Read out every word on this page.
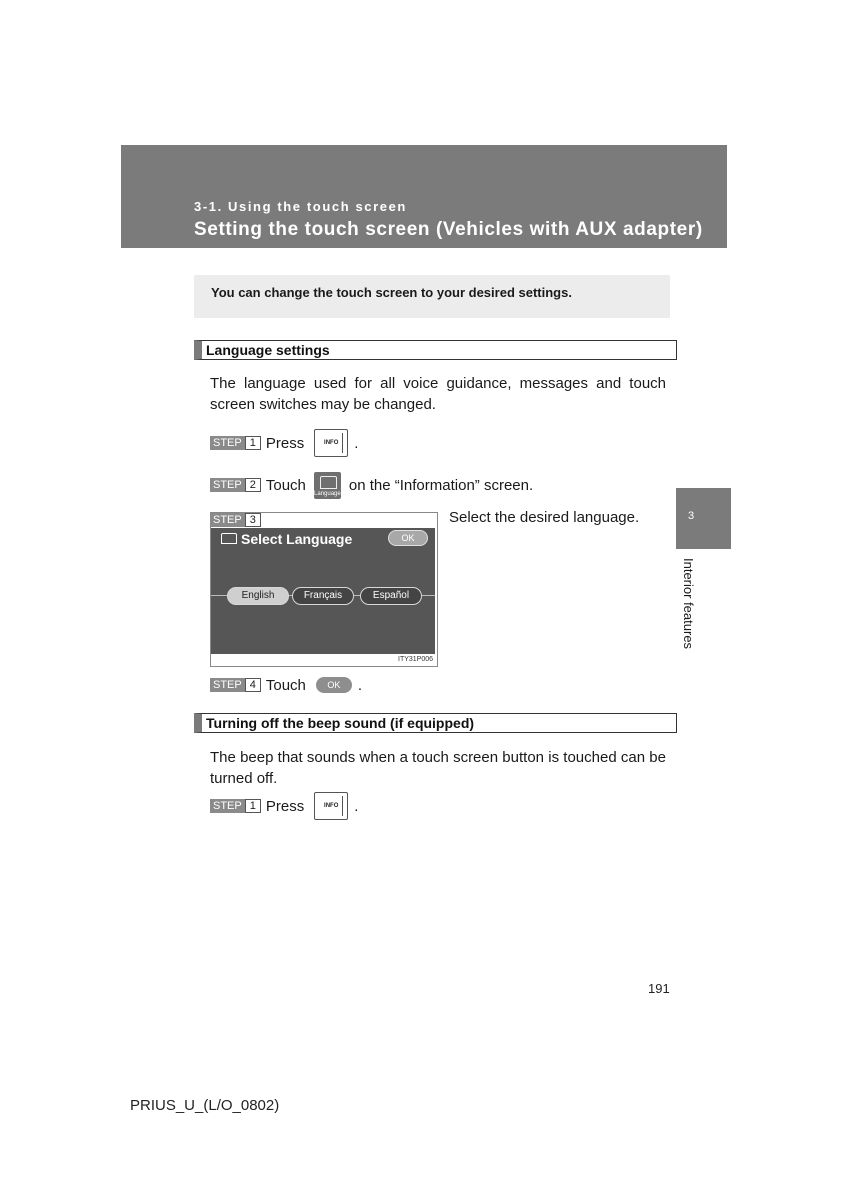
3-1. Using the touch screen
Setting the touch screen (Vehicles with AUX adapter)
You can change the touch screen to your desired settings.
Language settings
The language used for all voice guidance, messages and touch screen switches may be changed.
STEP 1 Press	INFO	.
STEP 2 Touch Language on the “Information” screen.
STEP 3	Select the desired language.
Select Language	OK
English	Français	Español
ITY31P006
STEP 4 Touch	OK	.
Turning off the beep sound (if equipped)
The beep that sounds when a touch screen button is touched can be turned off.
STEP 1 Press	INFO	.
3
Interior features
191
PRIUS_U_(L/O_0802)
